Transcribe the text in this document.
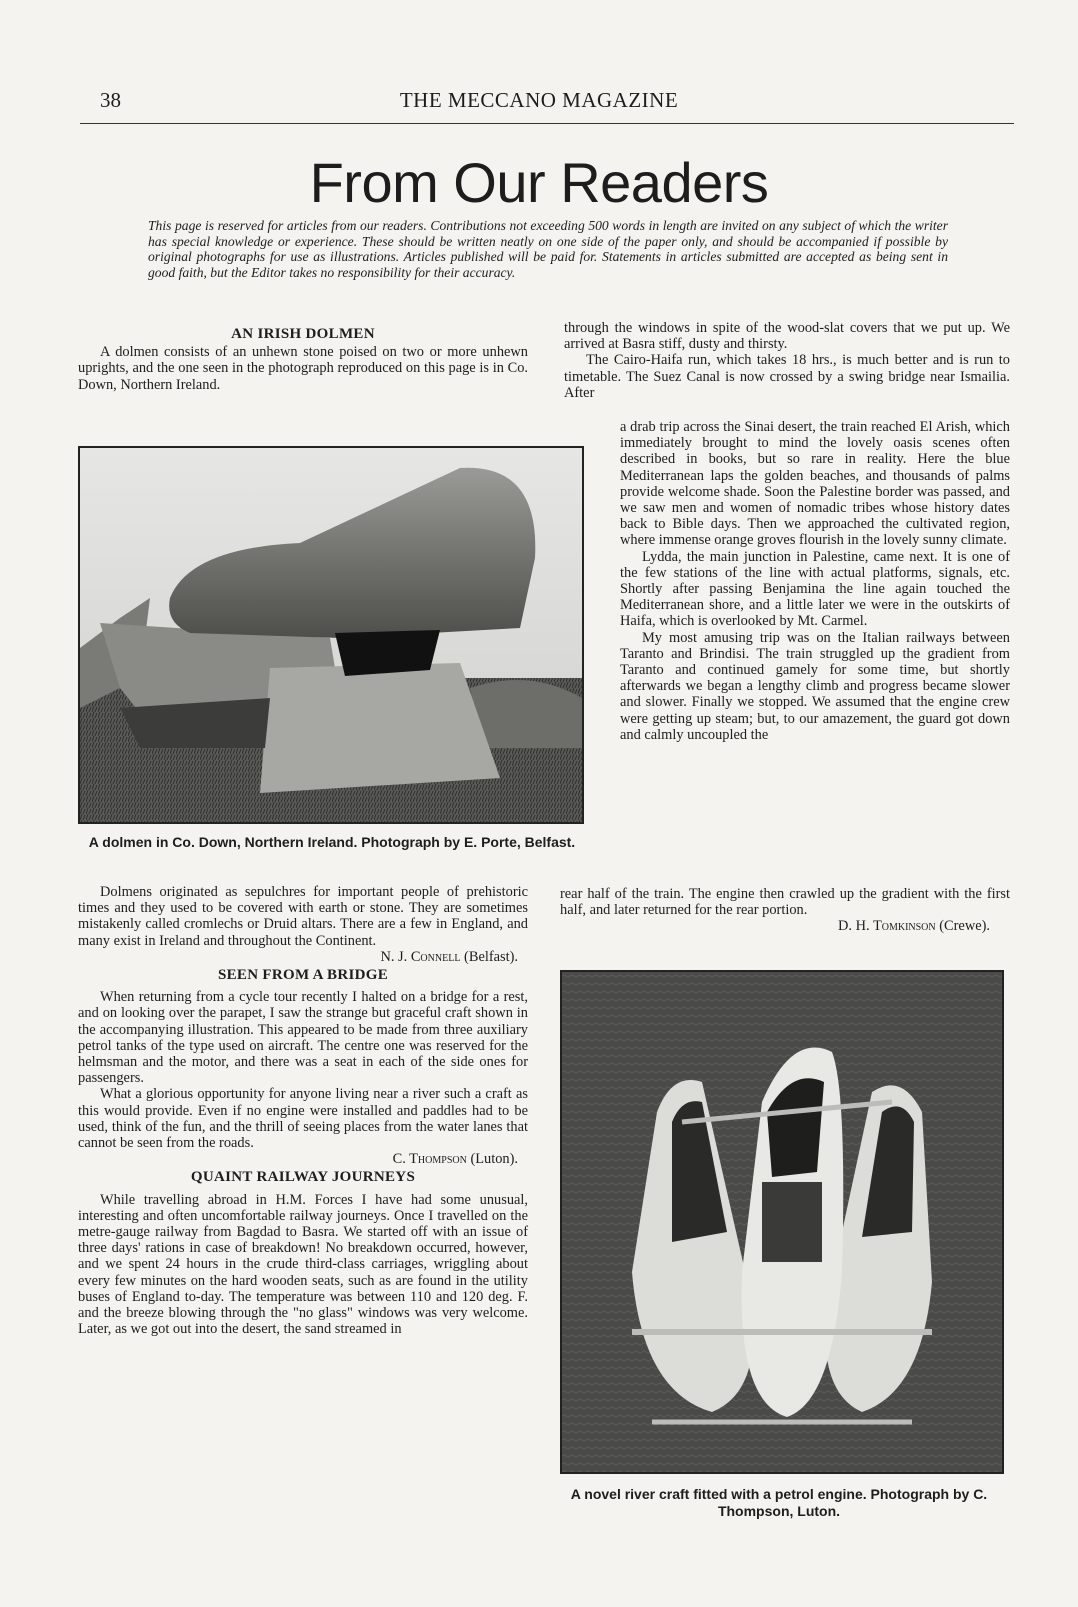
38	THE MECCANO MAGAZINE
From Our Readers
This page is reserved for articles from our readers. Contributions not exceeding 500 words in length are invited on any subject of which the writer has special knowledge or experience. These should be written neatly on one side of the paper only, and should be accompanied if possible by original photographs for use as illustrations. Articles published will be paid for. Statements in articles submitted are accepted as being sent in good faith, but the Editor takes no responsibility for their accuracy.
AN IRISH DOLMEN

A dolmen consists of an unhewn stone poised on two or more unhewn uprights, and the one seen in the photograph reproduced on this page is in Co. Down, Northern Ireland.

A dolmen in Co. Down, Northern Ireland. Photograph by E. Porte, Belfast.

Dolmens originated as sepulchres for important people of prehistoric times and they used to be covered with earth or stone. They are sometimes mistakenly called cromlechs or Druid altars. There are a few in England, and many exist in Ireland and throughout the Continent.

N. J. Connell (Belfast).
SEEN FROM A BRIDGE

When returning from a cycle tour recently I halted on a bridge for a rest, and on looking over the parapet, I saw the strange but graceful craft shown in the accompanying illustration. This appeared to be made from three auxiliary petrol tanks of the type used on aircraft. The centre one was reserved for the helmsman and the motor, and there was a seat in each of the side ones for passengers.

What a glorious opportunity for anyone living near a river such a craft as this would provide. Even if no engine were installed and paddles had to be used, think of the fun, and the thrill of seeing places from the water lanes that cannot be seen from the roads.

C. Thompson (Luton).
QUAINT RAILWAY JOURNEYS

While travelling abroad in H.M. Forces I have had some unusual, interesting and often uncomfortable railway journeys. Once I travelled on the metre-gauge railway from Bagdad to Basra. We started off with an issue of three days' rations in case of breakdown! No breakdown occurred, however, and we spent 24 hours in the crude third-class carriages, wriggling about every few minutes on the hard wooden seats, such as are found in the utility buses of England to-day. The temperature was between 110 and 120 deg. F. and the breeze blowing through the "no glass" windows was very welcome. Later, as we got out into the desert, the sand streamed in

through the windows in spite of the wood-slat covers that we put up. We arrived at Basra stiff, dusty and thirsty.

The Cairo-Haifa run, which takes 18 hrs., is much better and is run to timetable. The Suez Canal is now crossed by a swing bridge near Ismailia. After

a drab trip across the Sinai desert, the train reached El Arish, which immediately brought to mind the lovely oasis scenes often described in books, but so rare in reality. Here the blue Mediterranean laps the golden beaches, and thousands of palms provide welcome shade. Soon the Palestine border was passed, and we saw men and women of nomadic tribes whose history dates back to Bible days. Then we approached the cultivated region, where immense orange groves flourish in the lovely sunny climate.

Lydda, the main junction in Palestine, came next. It is one of the few stations of the line with actual platforms, signals, etc. Shortly after passing Benjamina the line again touched the Mediterranean shore, and a little later we were in the outskirts of Haifa, which is overlooked by Mt. Carmel.

My most amusing trip was on the Italian railways between Taranto and Brindisi. The train struggled up the gradient from Taranto and continued gamely for some time, but shortly afterwards we began a lengthy climb and progress became slower and slower. Finally we stopped. We assumed that the engine crew were getting up steam; but, to our amazement, the guard got down and calmly uncoupled the

rear half of the train. The engine then crawled up the gradient with the first half, and later returned for the rear portion.

D. H. Tomkinson (Crewe).
A novel river craft fitted with a petrol engine. Photograph by C. Thompson, Luton.
